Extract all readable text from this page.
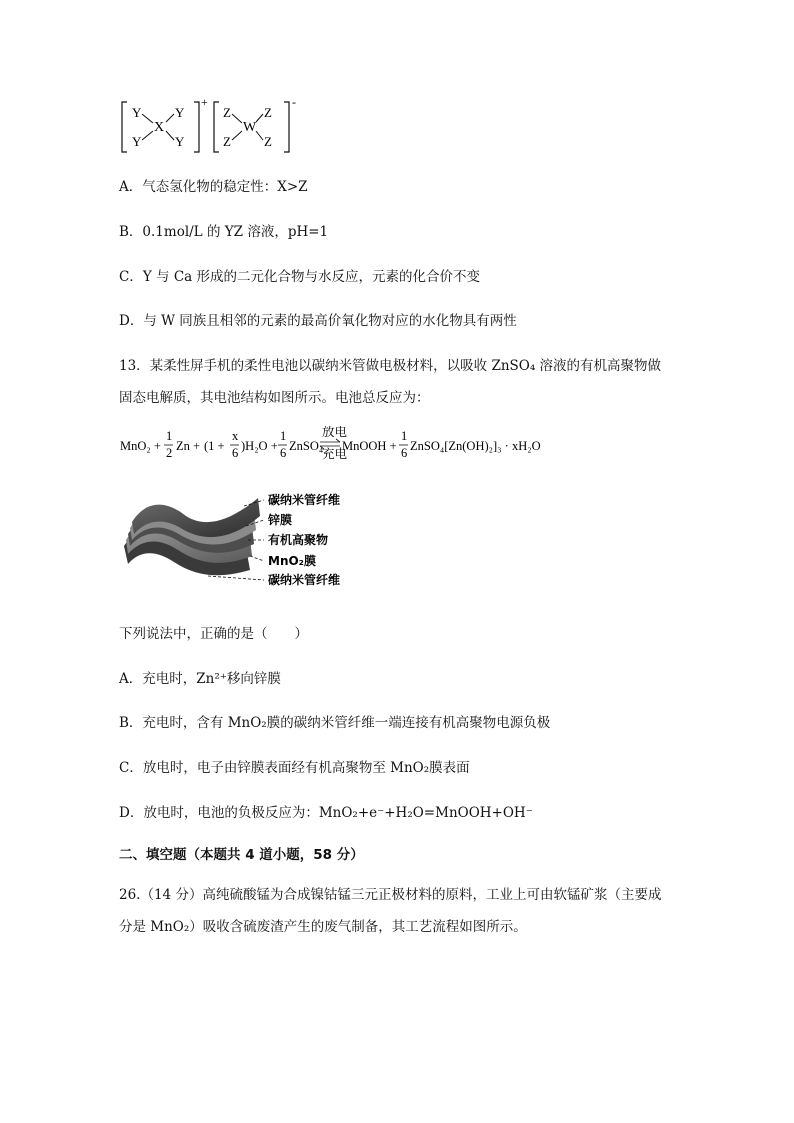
Y	Y
X
Y	Y
+
Z	Z
W
Z	Z
-
A．气态氢化物的稳定性：X>Z
B．0.1mol/L 的 YZ 溶液，pH=1
C．Y 与 Ca 形成的二元化合物与水反应，元素的化合价不变
D．与 W 同族且相邻的元素的最高价氧化物对应的水化物具有两性
13．某柔性屏手机的柔性电池以碳纳米管做电极材料，以吸收 ZnSO₄ 溶液的有机高聚物做
固态电解质，其电池结构如图所示。电池总反应为：
MnO₂ +
1
2 Zn + (1 +
x
6 )H₂O +
1
6 ZnSO₄
放电
充电
MnOOH +
1
6 ZnSO₄[Zn(OH)₂]₃ · xH₂O
碳纳米管纤维
锌膜
有机高聚物
MnO₂膜
碳纳米管纤维
下列说法中，正确的是（　　）
A．充电时，Zn²⁺移向锌膜
B．充电时，含有 MnO₂膜的碳纳米管纤维一端连接有机高聚物电源负极
C．放电时，电子由锌膜表面经有机高聚物至 MnO₂膜表面
D．放电时，电池的负极反应为：MnO₂+e⁻+H₂O=MnOOH+OH⁻
二、填空题（本题共 4 道小题，58 分）
26.（14 分）高纯硫酸锰为合成镍钴锰三元正极材料的原料，工业上可由软锰矿浆（主要成
分是 MnO₂）吸收含硫废渣产生的废气制备，其工艺流程如图所示。
